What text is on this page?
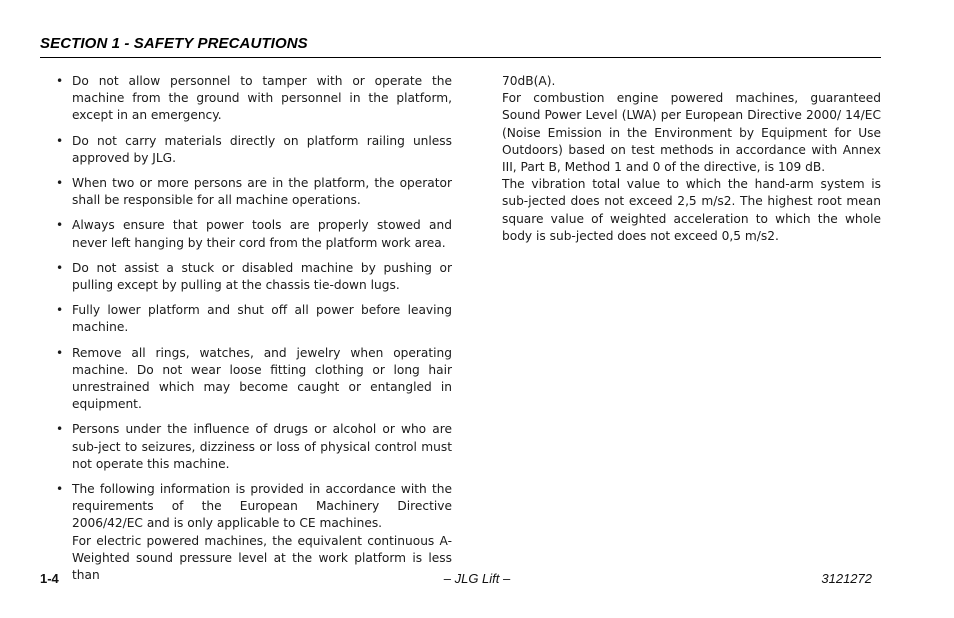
SECTION 1 - SAFETY PRECAUTIONS
• Do not allow personnel to tamper with or operate the machine from the ground with personnel in the platform, except in an emergency.

• Do not carry materials directly on platform railing unless approved by JLG.

• When two or more persons are in the platform, the operator shall be responsible for all machine operations.

• Always ensure that power tools are properly stowed and never left hanging by their cord from the platform work area.

• Do not assist a stuck or disabled machine by pushing or pulling except by pulling at the chassis tie-down lugs.

• Fully lower platform and shut off all power before leaving machine.

• Remove all rings, watches, and jewelry when operating machine. Do not wear loose fitting clothing or long hair unrestrained which may become caught or entangled in equipment.

• Persons under the influence of drugs or alcohol or who are sub-ject to seizures, dizziness or loss of physical control must not operate this machine.

• The following information is provided in accordance with the requirements of the European Machinery Directive 2006/42/EC and is only applicable to CE machines.

For electric powered machines, the equivalent continuous A-Weighted sound pressure level at the work platform is less than

70dB(A).

For combustion engine powered machines, guaranteed Sound Power Level (LWA) per European Directive 2000/ 14/EC (Noise Emission in the Environment by Equipment for Use Outdoors) based on test methods in accordance with Annex III, Part B, Method 1 and 0 of the directive, is 109 dB.

The vibration total value to which the hand-arm system is sub-jected does not exceed 2,5 m/s2. The highest root mean square value of weighted acceleration to which the whole body is sub-jected does not exceed 0,5 m/s2.

1-4	– JLG Lift –	3121272
